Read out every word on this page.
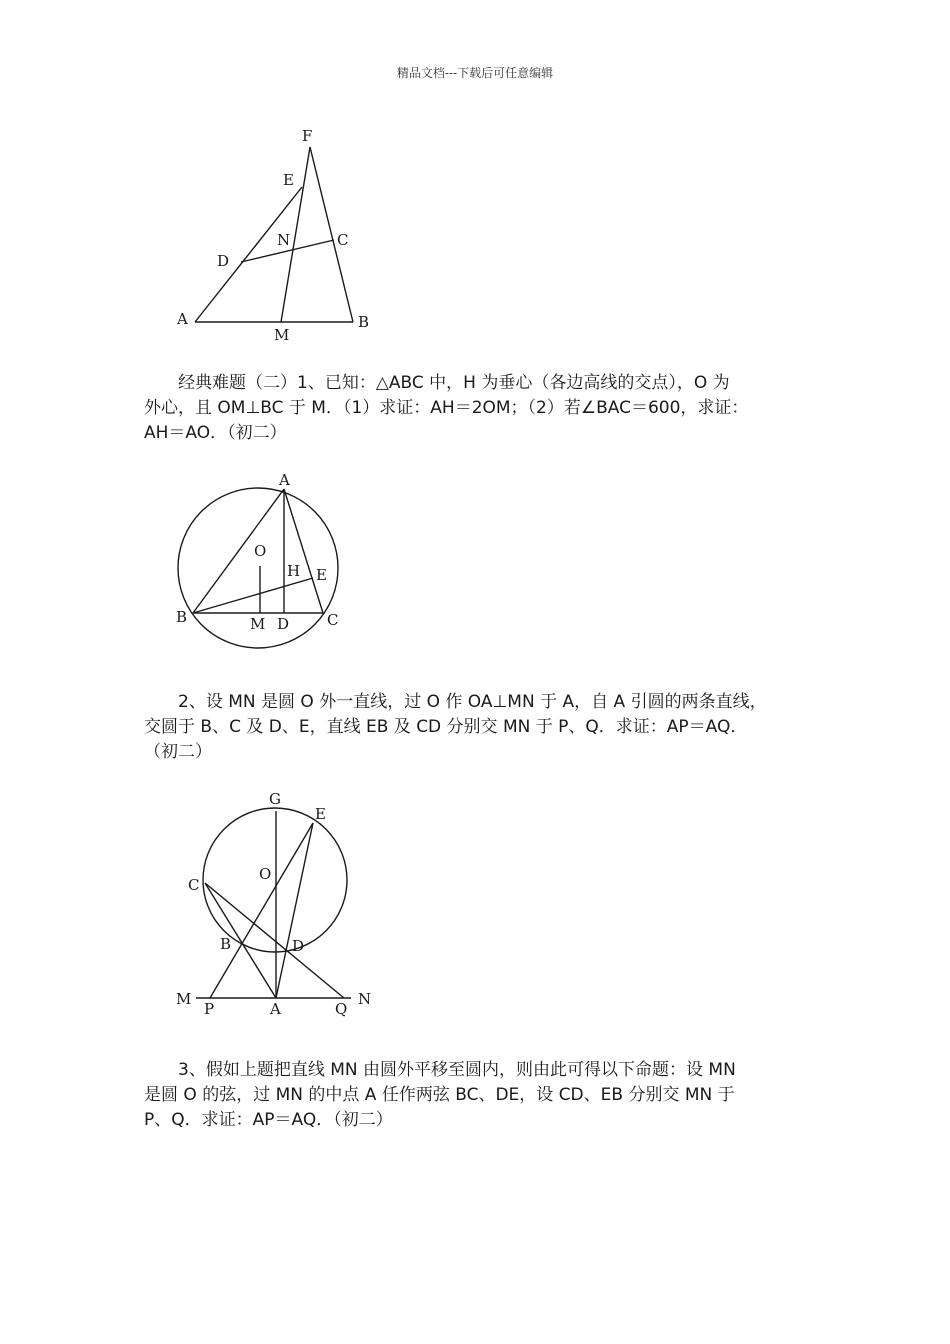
精品文档---下载后可任意编辑
F
E
N	C
D
A
M
B

经典难题（二）1、已知：△ABC 中，H 为垂心（各边高线的交点），O 为
外心，且 OM⊥BC 于 M．（1）求证：AH＝2OM；（2）若∠BAC＝600，求证：
AH＝AO．（初二）

A
O
H E
B	M D	C

2、设 MN 是圆 O 外一直线，过 O 作 OA⊥MN 于 A，自 A 引圆的两条直线，
交圆于 B、C 及 D、E，直线 EB 及 CD 分别交 MN 于 P、Q．求证：AP＝AQ．
（初二）

G
E
O
C
B	D
M
P	A	Q
N

3、假如上题把直线 MN 由圆外平移至圆内，则由此可得以下命题：设 MN
是圆 O 的弦，过 MN 的中点 A 任作两弦 BC、DE，设 CD、EB 分别交 MN 于
P、Q．求证：AP＝AQ．（初二）
